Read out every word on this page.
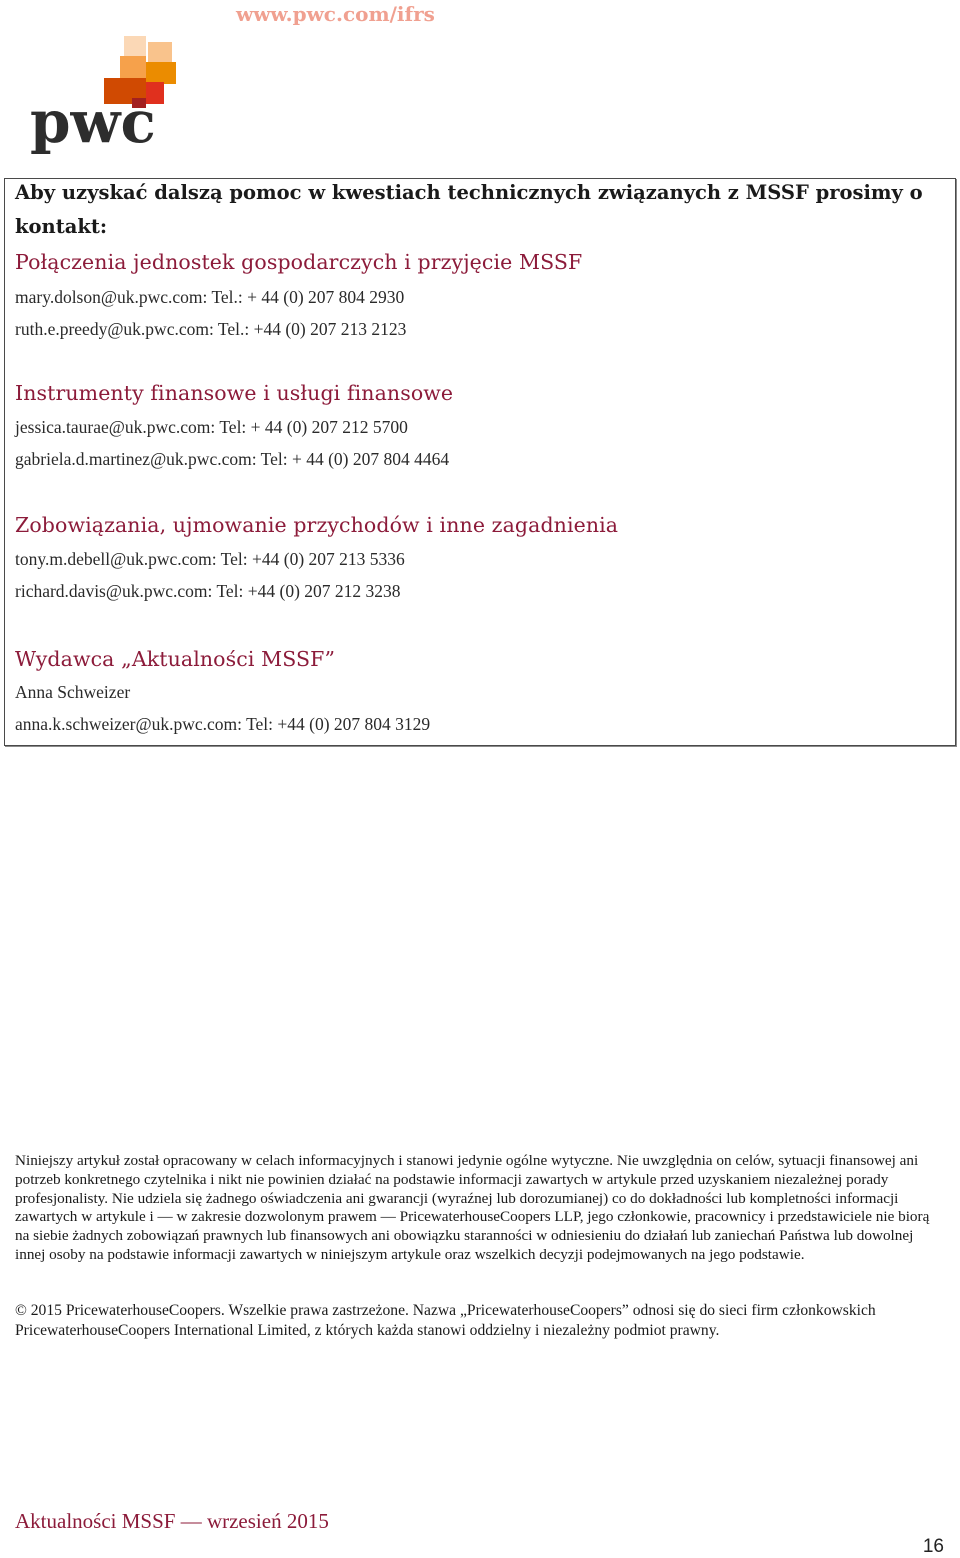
www.pwc.com/ifrs
pwc
Aby uzyskać dalszą pomoc w kwestiach technicznych związanych z MSSF prosimy o kontakt:
Połączenia jednostek gospodarczych i przyjęcie MSSF
mary.dolson@uk.pwc.com: Tel.: + 44 (0) 207 804 2930
ruth.e.preedy@uk.pwc.com: Tel.: +44 (0) 207 213 2123
Instrumenty finansowe i usługi finansowe
jessica.taurae@uk.pwc.com: Tel: + 44 (0) 207 212 5700
gabriela.d.martinez@uk.pwc.com: Tel: + 44 (0) 207 804 4464
Zobowiązania, ujmowanie przychodów i inne zagadnienia
tony.m.debell@uk.pwc.com: Tel: +44 (0) 207 213 5336
richard.davis@uk.pwc.com: Tel: +44 (0) 207 212 3238
Wydawca „Aktualności MSSF”
Anna Schweizer
anna.k.schweizer@uk.pwc.com: Tel: +44 (0) 207 804 3129
Niniejszy artykuł został opracowany w celach informacyjnych i stanowi jedynie ogólne wytyczne. Nie uwzględnia on celów, sytuacji finansowej ani potrzeb konkretnego czytelnika i nikt nie powinien działać na podstawie informacji zawartych w artykule przed uzyskaniem niezależnej porady profesjonalisty. Nie udziela się żadnego oświadczenia ani gwarancji (wyraźnej lub dorozumianej) co do dokładności lub kompletności informacji zawartych w artykule i — w zakresie dozwolonym prawem — PricewaterhouseCoopers LLP, jego członkowie, pracownicy i przedstawiciele nie biorą na siebie żadnych zobowiązań prawnych lub finansowych ani obowiązku staranności w odniesieniu do działań lub zaniechań Państwa lub dowolnej innej osoby na podstawie informacji zawartych w niniejszym artykule oraz wszelkich decyzji podejmowanych na jego podstawie.
© 2015 PricewaterhouseCoopers. Wszelkie prawa zastrzeżone. Nazwa „PricewaterhouseCoopers” odnosi się do sieci firm członkowskich PricewaterhouseCoopers International Limited, z których każda stanowi oddzielny i niezależny podmiot prawny.
Aktualności MSSF — wrzesień 2015
16
